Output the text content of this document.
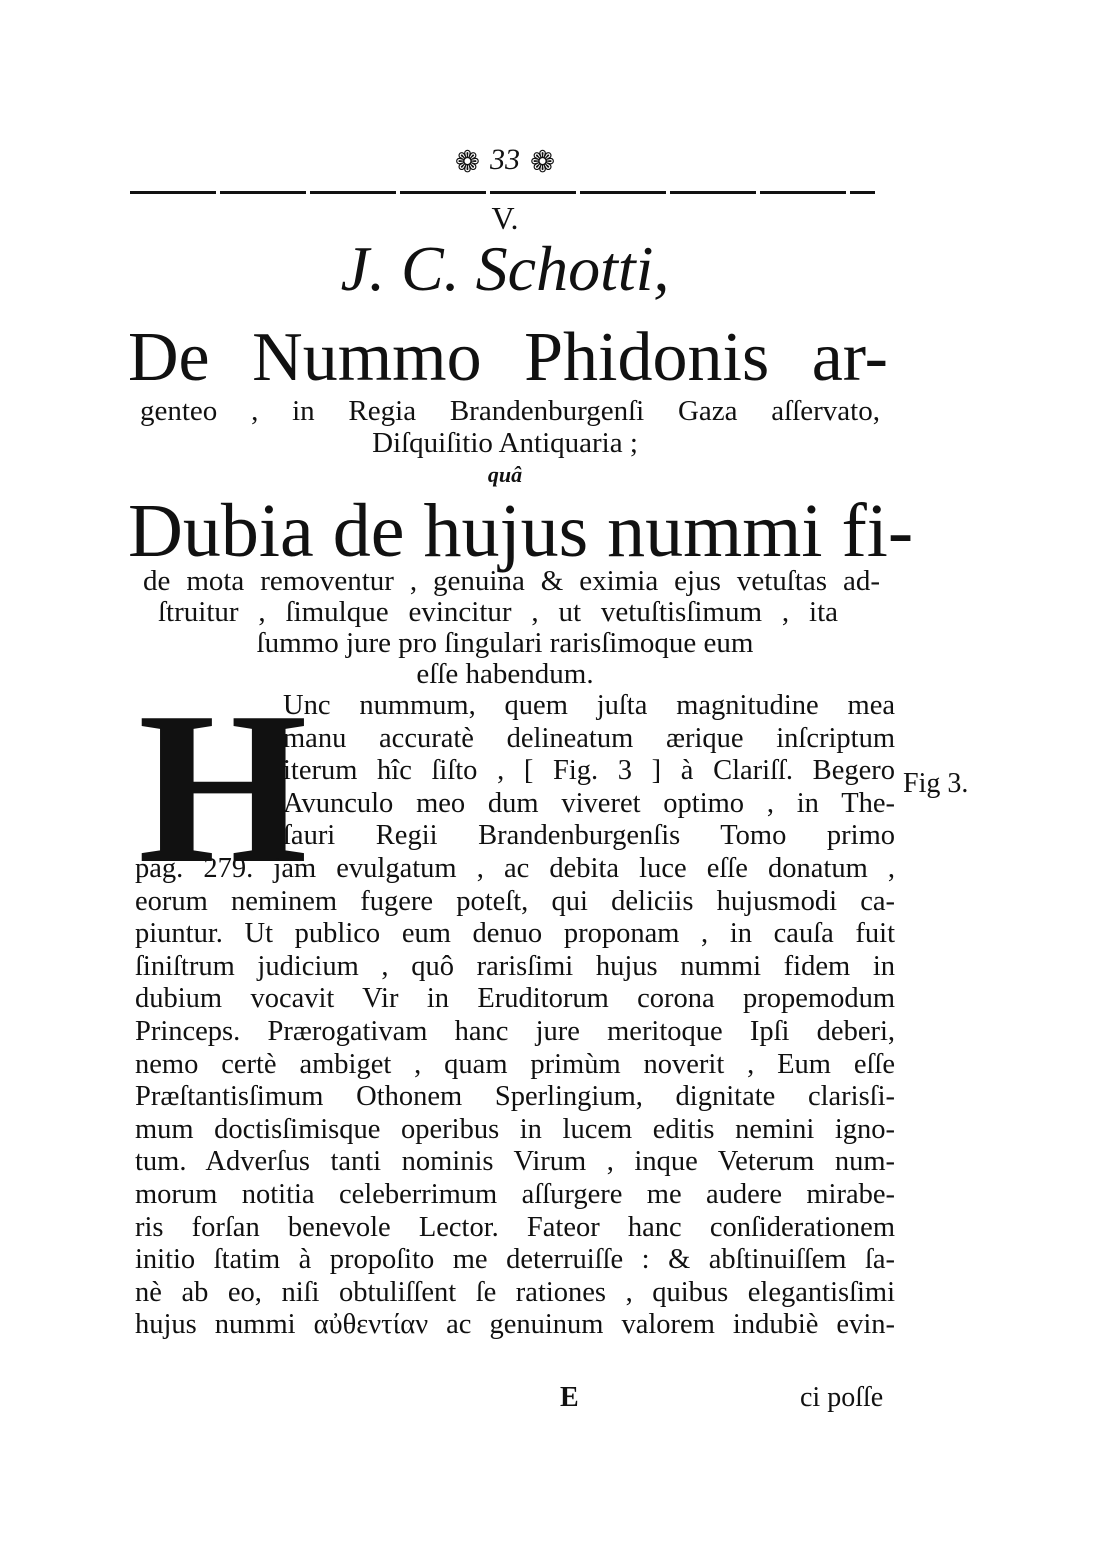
❁ 33 ❁
V.
J. C. Schotti,
De Nummo Phidonis ar-
genteo , in Regia Brandenburgenſi Gaza aſſervato,
Diſquiſitio Antiquaria ;
quâ
Dubia de hujus nummi fi-
de mota removentur , genuina & eximia ejus vetuſtas ad-
ſtruitur , ſimulque evincitur , ut vetuſtisſimum , ita
ſummo jure pro ſingulari rarisſimoque eum
eſſe habendum.
H
Unc nummum, quem juſta magnitudine mea
manu accuratè delineatum ærique inſcriptum
iterum hîc ſiſto , [ Fig. 3 ] à Clariſſ. Begero
Avunculo meo dum viveret optimo , in The-
ſauri Regii Brandenburgenſis Tomo primo
pag. 279. jam evulgatum , ac debita luce eſſe donatum ,
eorum neminem fugere poteſt, qui deliciis hujusmodi ca-
piuntur. Ut publico eum denuo proponam , in cauſa fuit
ſiniſtrum judicium , quô rarisſimi hujus nummi fidem in
dubium vocavit Vir in Eruditorum corona propemodum
Princeps. Prærogativam hanc jure meritoque Ipſi deberi,
nemo certè ambiget , quam primùm noverit , Eum eſſe
Præſtantisſimum Othonem Sperlingium, dignitate clarisſi-
mum doctisſimisque operibus in lucem editis nemini igno-
tum. Adverſus tanti nominis Virum , inque Veterum num-
morum notitia celeberrimum aſſurgere me audere mirabe-
ris forſan benevole Lector. Fateor hanc conſiderationem
initio ſtatim à propoſito me deterruiſſe : & abſtinuiſſem ſa-
nè ab eo, niſi obtuliſſent ſe rationes , quibus elegantisſimi
hujus nummi αὐθεντίαν ac genuinum valorem indubiè evin-
Fig 3.
E	ci poſſe
